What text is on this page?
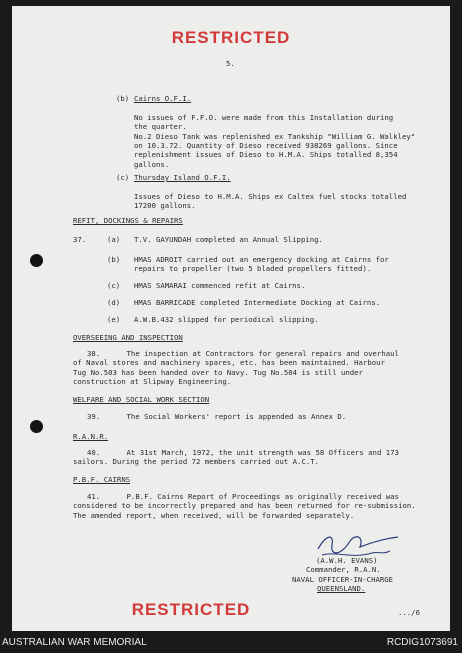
RESTRICTED
5.
(b) Cairns O.F.I.
No issues of F.F.O. were made from this Installation during
the quarter.
No.2 Dieso Tank was replenished ex Tankship "William G. Walkley"
on 10.3.72. Quantity of Dieso received 938269 gallons. Since
replenishment issues of Dieso to H.M.A. Ships totalled 8,354
gallons.
(c) Thursday Island O.F.I.
Issues of Dieso to H.M.A. Ships ex Caltex fuel stocks totalled
17200 gallons.
REFIT, DOCKINGS & REPAIRS
37.	(a) T.V. GAYUNDAH completed an Annual Slipping.
(b) HMAS ADROIT carried out an emergency docking at Cairns for
repairs to propeller (two 5 bladed propellers fitted).
(c) HMAS SAMARAI commenced refit at Cairns.
(d) HMAS BARRICADE completed Intermediate Docking at Cairns.
(e) A.W.B.432 slipped for periodical slipping.
OVERSEEING AND INSPECTION
38.      The inspection at Contractors for general repairs and overhaul
of Naval stores and machinery spares, etc. has been maintained. Harbour
Tug No.503 has been handed over to Navy. Tug No.504 is still under
construction at Slipway Engineering.
WELFARE AND SOCIAL WORK SECTION
39.      The Social Workers' report is appended as Annex D.
R.A.N.R.
40.      At 31st March, 1972, the unit strength was 58 Officers and 173
sailors. During the period 72 members carried out A.C.T.
P.B.F. CAIRNS
41.      P.B.F. Cairns Report of Proceedings as originally received was
considered to be incorrectly prepared and has been returned for re-submission.
The amended report, when received, will be forwarded separately.
(A.W.H. EVANS)
Commander, R.A.N.
NAVAL OFFICER-IN-CHARGE
QUEENSLAND.
.../6
RESTRICTED
AUSTRALIAN WAR MEMORIAL	RCDIG1073691
